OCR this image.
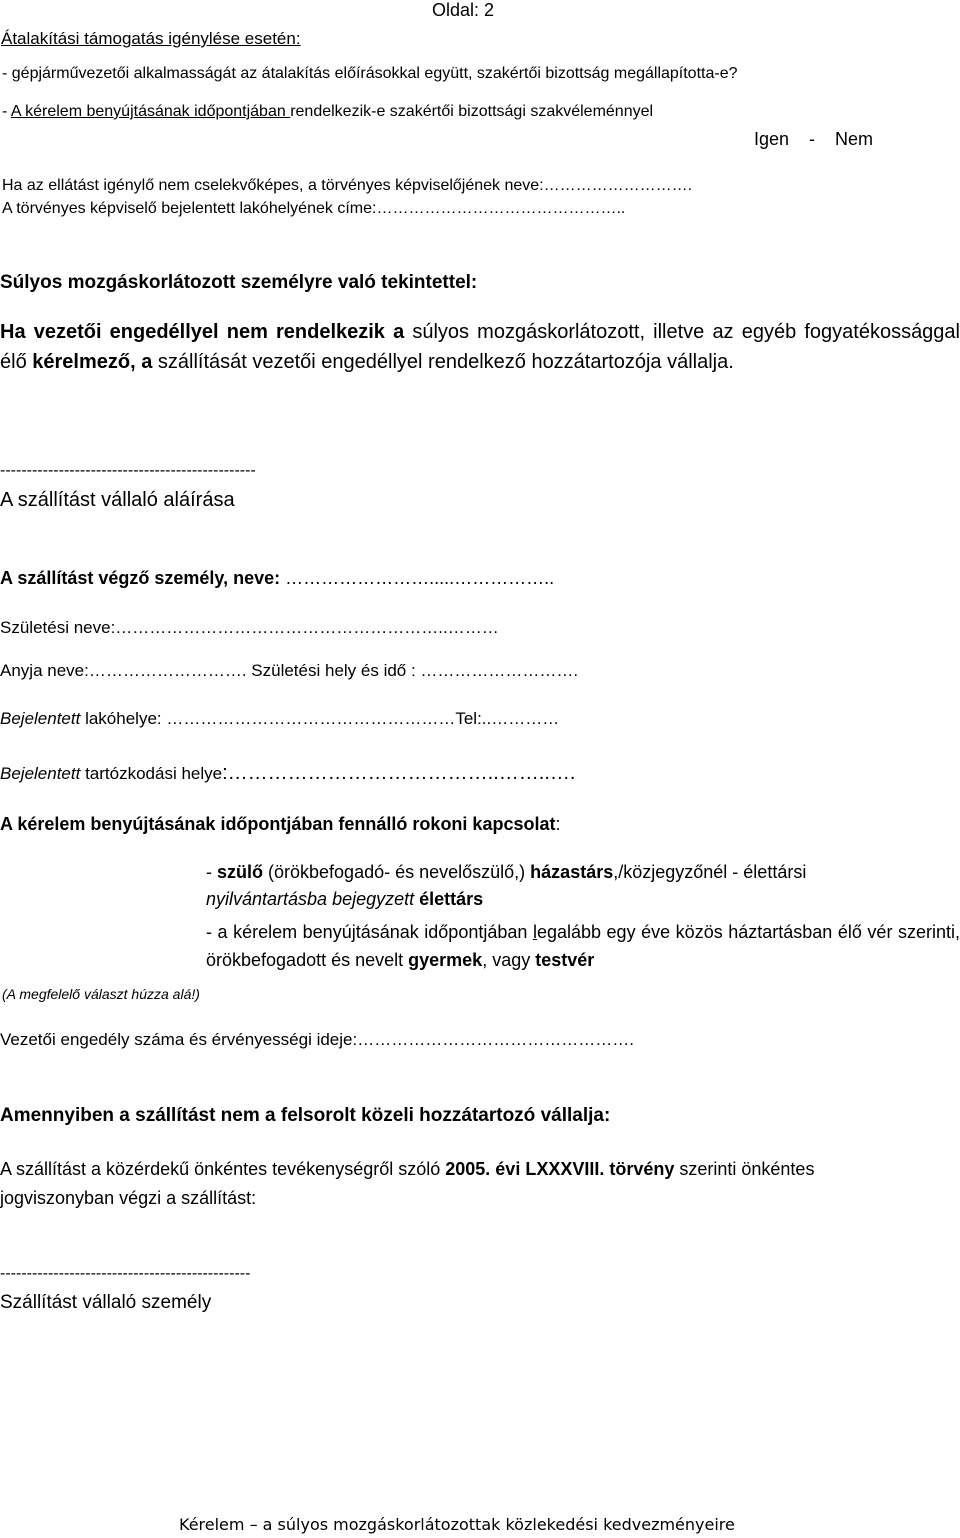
Oldal: 2
Átalakítási támogatás igénylése esetén:
- gépjárművezetői alkalmasságát az átalakítás előírásokkal együtt, szakértői bizottság megállapította-e?
- A kérelem benyújtásának időpontjában rendelkezik-e szakértői bizottsági szakvéleménnyel
Igen    -    Nem
Ha az ellátást igénylő nem cselekvőképes, a törvényes képviselőjének neve:……………………….
A törvényes képviselő bejelentett lakóhelyének címe:………………………………………..
Súlyos mozgáskorlátozott személyre való tekintettel:
Ha vezetői engedéllyel nem rendelkezik a súlyos mozgáskorlátozott, illetve az egyéb fogyatékossággal élő kérelmező, a szállítását vezetői engedéllyel rendelkező hozzátartozója vállalja.
------------------------------------------------
A szállítást vállaló aláírása
A szállítást végző személy, neve: …………………….....……………..
Születési neve:…………………………………………………..………
Anyja neve:………………………. Születési hely és idő : ……………………….
Bejelentett lakóhelye: ……………………………………………Tel:..…………
Bejelentett tartózkodási helye:…………………………………..……..….
A kérelem benyújtásának időpontjában fennálló rokoni kapcsolat:
- szülő (örökbefogadó- és nevelőszülő,) házastárs,/közjegyzőnél - élettársi
nyilvántartásba bejegyzett élettárs
- a kérelem benyújtásának időpontjában legalább egy éve közös háztartásban élő vér szerinti, örökbefogadott és nevelt gyermek, vagy testvér
(A megfelelő választ húzza alá!)
Vezetői engedély száma és érvényességi ideje:………………………………………….
Amennyiben a szállítást nem a felsorolt közeli hozzátartozó vállalja:
A szállítást a közérdekű önkéntes tevékenységről szóló 2005. évi LXXXVIII. törvény szerinti önkéntes jogviszonyban végzi a szállítást:
-----------------------------------------------
Szállítást vállaló személy
Kérelem – a súlyos mozgáskorlátozottak közlekedési kedvezményeire
